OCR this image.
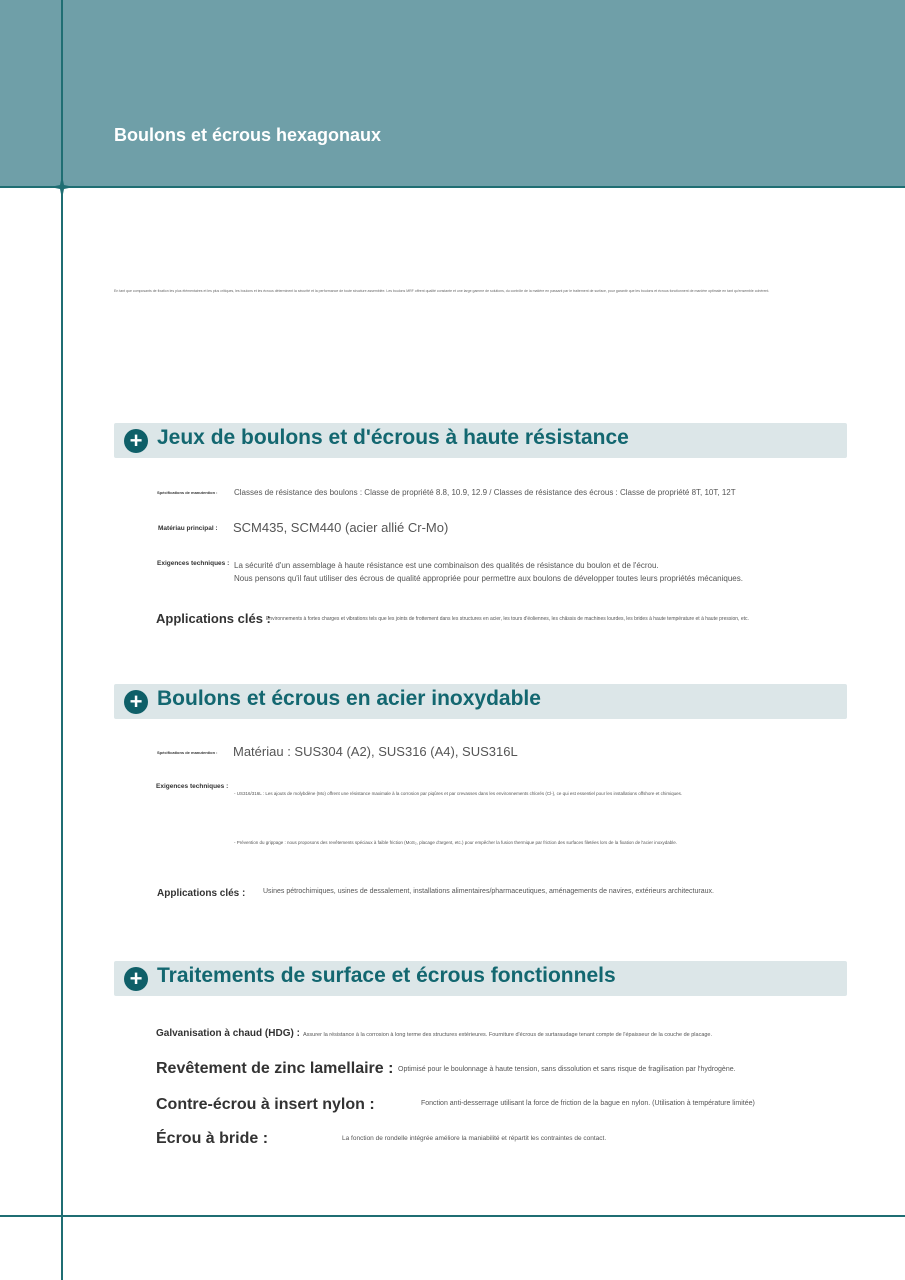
Boulons et écrous hexagonaux
En tant que composants de fixation les plus élémentaires et les plus critiques, les boulons et les écrous déterminent la sécurité et la performance de toute structure assemblée. Les boulons MRF offrent qualité constante et une large gamme de solutions, du contrôle de la matière en passant par le traitement de surface, pour garantir que les boulons et écrous fonctionnent de manière optimale en tant qu'ensemble cohérent.
+ Jeux de boulons et d'écrous à haute résistance
Spécifications de manutention : Classes de résistance des boulons : Classe de propriété 8.8, 10.9, 12.9 / Classes de résistance des écrous : Classe de propriété 8T, 10T, 12T
Matériau principal : SCM435, SCM440 (acier allié Cr-Mo)
Exigences techniques : La sécurité d'un assemblage à haute résistance est une combinaison des qualités de résistance du boulon et de l'écrou.
Nous pensons qu'il faut utiliser des écrous de qualité appropriée pour permettre aux boulons de développer toutes leurs propriétés mécaniques.
Applications clés :
Environnements à fortes charges et vibrations tels que les joints de frottement dans les structures en acier, les tours d'éoliennes, les châssis de machines lourdes, les brides à haute température et à haute pression, etc.
+ Boulons et écrous en acier inoxydable
Spécifications de manutention : Matériau : SUS304 (A2), SUS316 (A4), SUS316L
Exigences techniques :
- US316/316L : Les ajouts de molybdène (Mo) offrent une résistance maximale à la corrosion par piqûres et par crevasses dans les environnements chlorés (Cl-), ce qui est essentiel pour les installations offshore et chimiques.
- Prévention du grippage : nous proposons des revêtements spéciaux à faible friction (MoS₂, placage d'argent, etc.) pour empêcher la fusion thermique par friction des surfaces filetées lors de la fixation de l'acier inoxydable.
Applications clés :	Usines pétrochimiques, usines de dessalement, installations alimentaires/pharmaceutiques, aménagements de navires, extérieurs architecturaux.
+ Traitements de surface et écrous fonctionnels
Galvanisation à chaud (HDG) : Assurer la résistance à la corrosion à long terme des structures extérieures. Fourniture d'écrous de surtaraudage tenant compte de l'épaisseur de la couche de placage.
Revêtement de zinc lamellaire : Optimisé pour le boulonnage à haute tension, sans dissolution et sans risque de fragilisation par l'hydrogène.
Contre-écrou à insert nylon :	Fonction anti-desserrage utilisant la force de friction de la bague en nylon. (Utilisation à température limitée)
Écrou à bride :	La fonction de rondelle intégrée améliore la maniabilité et répartit les contraintes de contact.
